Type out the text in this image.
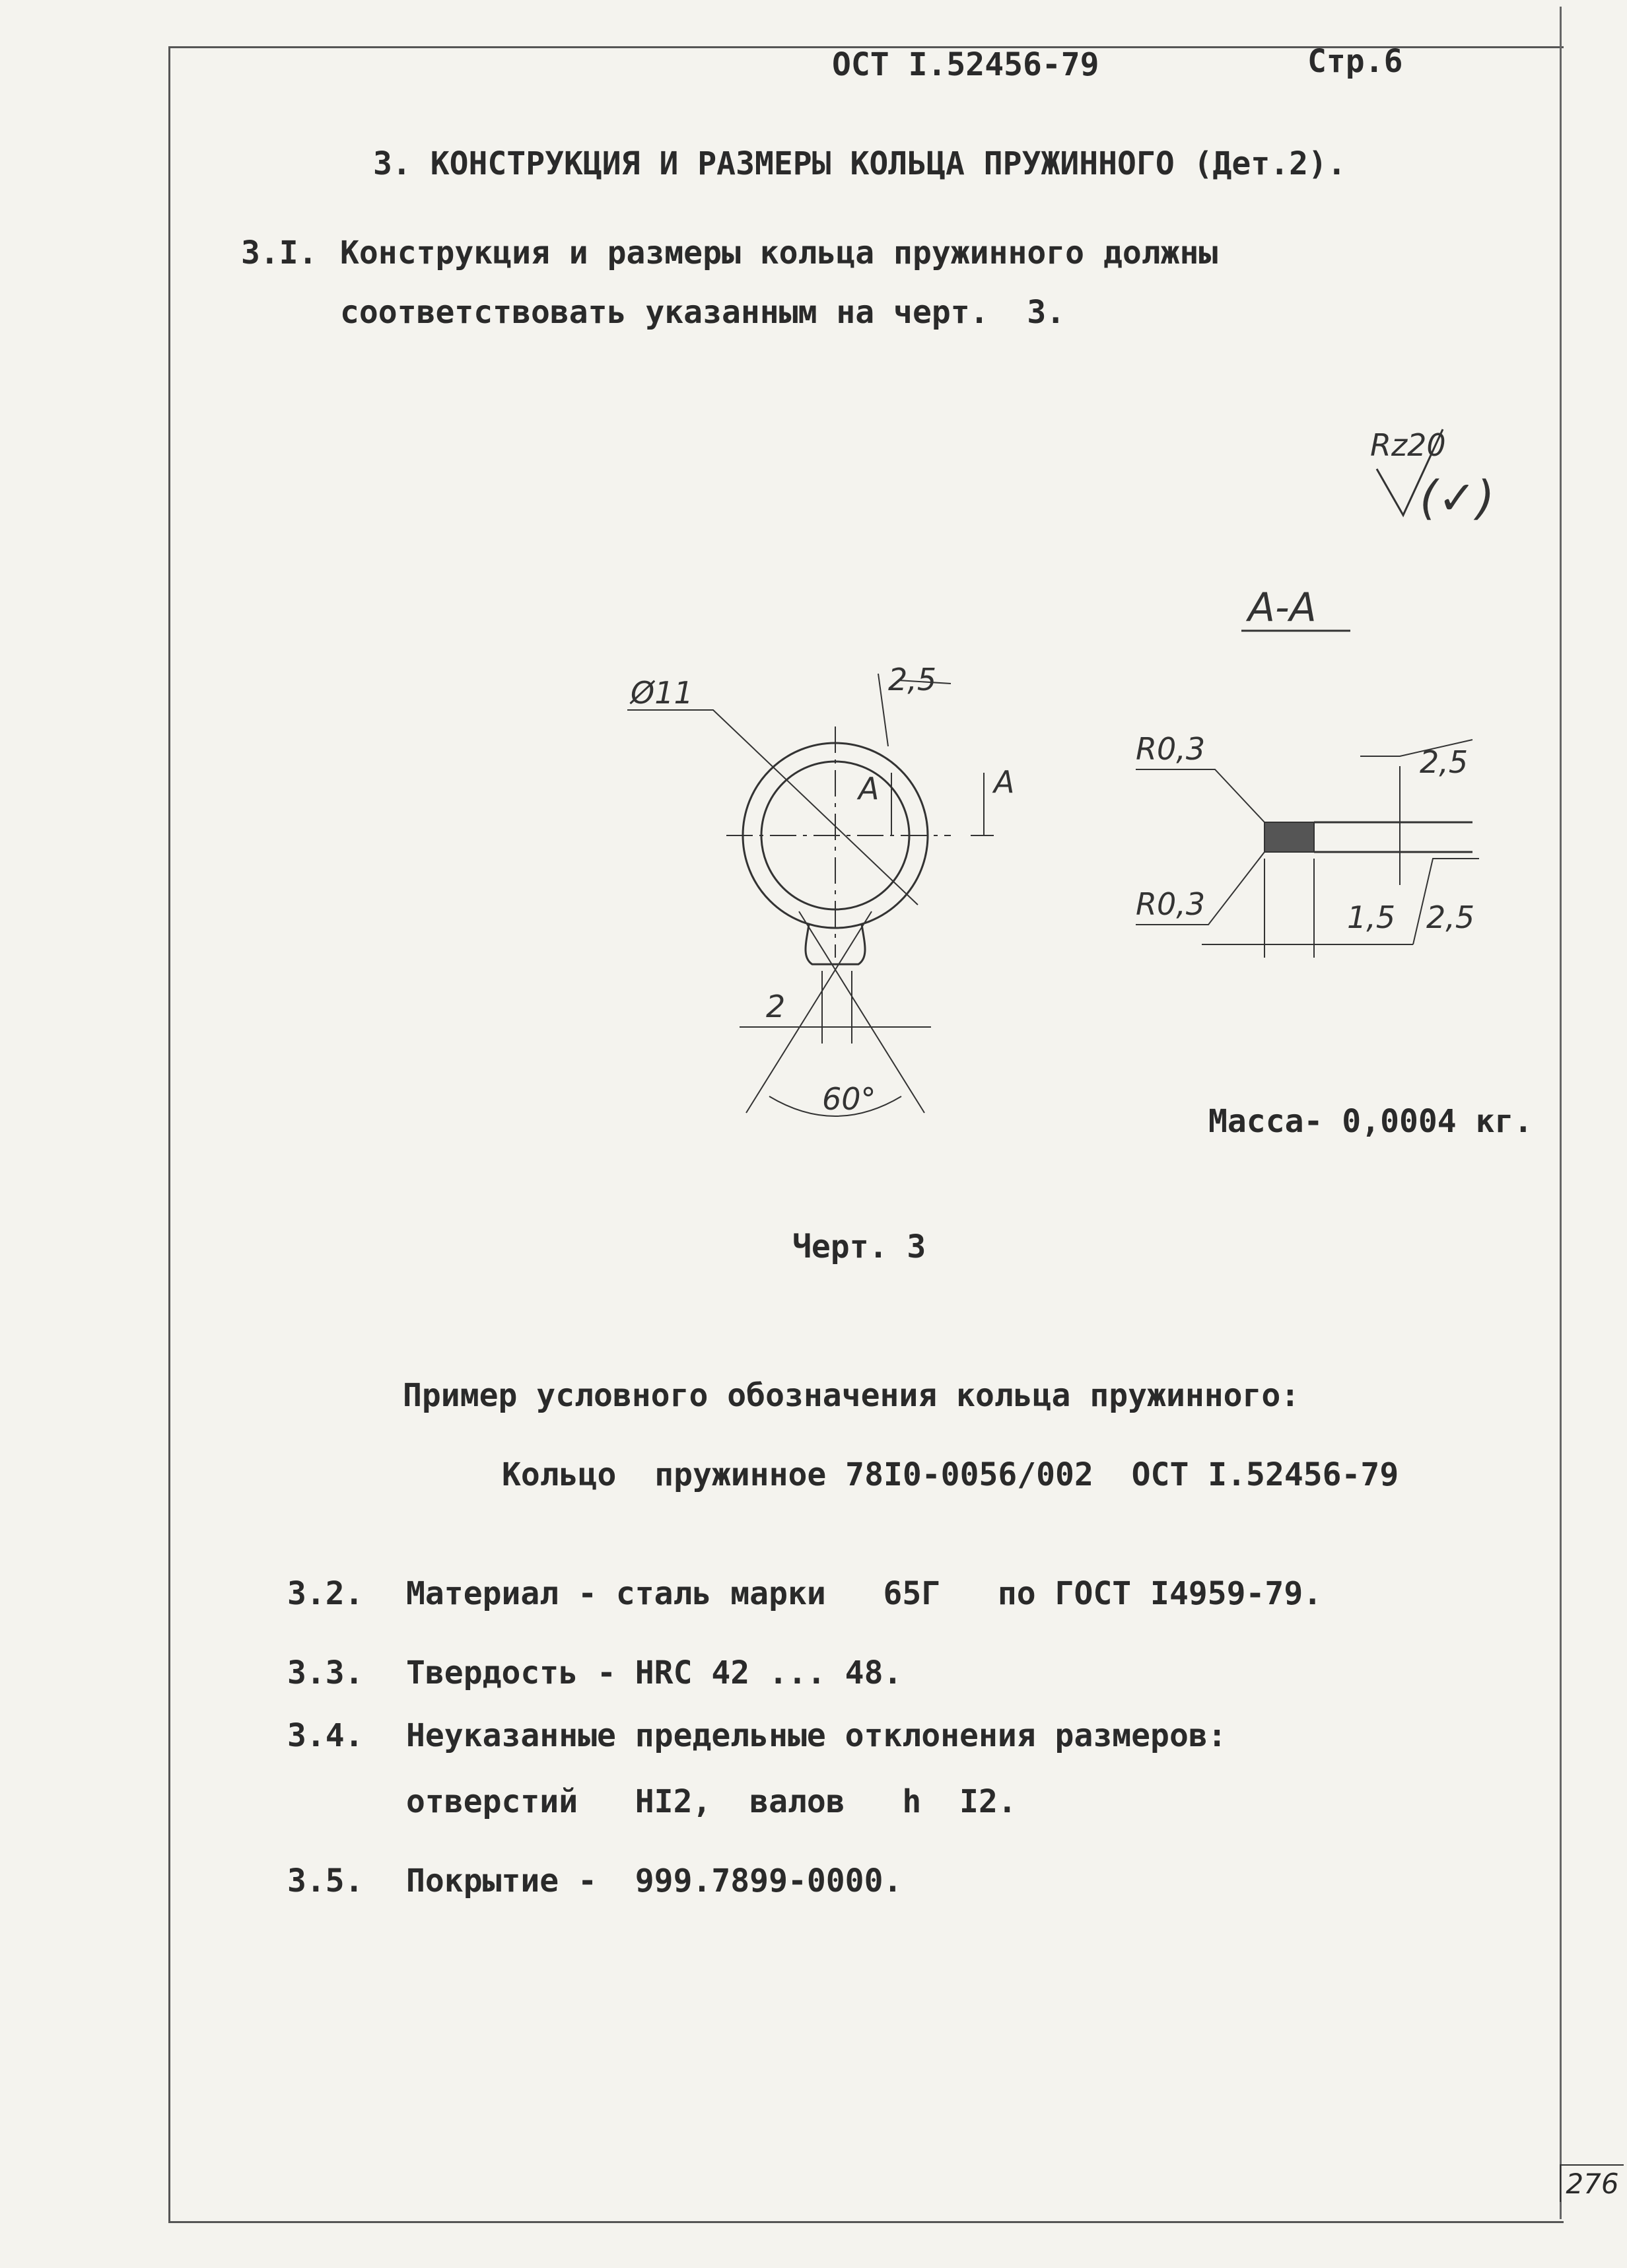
ОСТ I.52456-79	Стр.6
3. КОНСТРУКЦИЯ И РАЗМЕРЫ КОЛЬЦА ПРУЖИННОГО (Дет.2).
3.I. Конструкция и размеры кольца пружинного должны
соответствовать указанным на черт.  3.
Rz20
(✓)
А-А
Ø11	2,5
А	А
60°
2
R0,3
R0,3
2,5
1,5 2,5
Масса- 0,0004 кг.
Черт. 3
Пример условного обозначения кольца пружинного:
Кольцо  пружинное 78I0-0056/002  ОСТ I.52456-79
3.2. Материал - сталь марки   65Г   по ГОСТ I4959-79.
3.3. Твердость - HRC 42 ... 48.
3.4. Неуказанные предельные отклонения размеров:
отверстий   HI2,  валов   h  I2.
3.5. Покрытие -  999.7899-0000.
276
